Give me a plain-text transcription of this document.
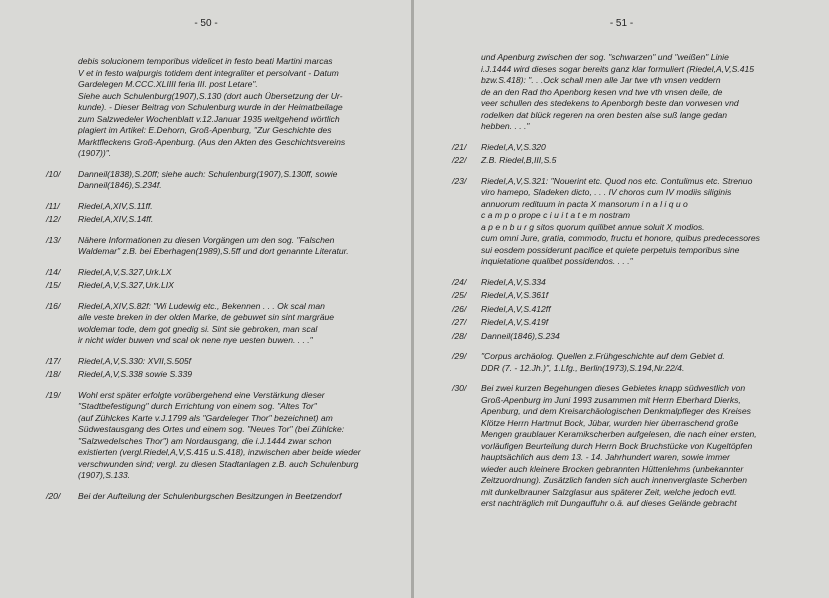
- 50 -
debis solucionem temporibus videlicet in festo beati Martini marcas
V et in festo walpurgis totidem dent integraliter et persolvant - Datum
Gardelegen M.CCC.XLIIII feria III. post Letare".
Siehe auch Schulenburg(1907),S.130 (dort auch Übersetzung der Ur-
kunde). - Dieser Beitrag von Schulenburg wurde in der Heimatbeilage
zum Salzwedeler Wochenblatt v.12.Januar 1935 weitgehend wörtlich
plagiert im Artikel: E.Dehorn, Groß-Apenburg, "Zur Geschichte des
Marktfleckens Groß-Apenburg. (Aus den Akten des Geschichtsvereins
(1907))".
/10/ Danneil(1838),S.20ff; siehe auch: Schulenburg(1907),S.130ff, sowie
Danneil(1846),S.234f.
/11/ Riedel,A,XIV,S.11ff.
/12/ Riedel,A,XIV,S.14ff.
/13/ Nähere Informationen zu diesen Vorgängen um den sog. "Falschen
Waldemar" z.B. bei Eberhagen(1989),S.5ff und dort genannte Literatur.
/14/ Riedel,A,V,S.327,Urk.LX
/15/ Riedel,A,V,S.327,Urk.LIX
/16/ Riedel,A,XIV,S.82f: "Wi Ludewig etc., Bekennen . . . Ok scal man
alle veste breken in der olden Marke, de gebuwet sin sint margräue
woldemar tode, dem got gnedig si. Sint sie gebroken, man scal
ir nicht wider buwen vnd scal ok nene nye uesten buwen. . . ."
/17/ Riedel,A,V,S.330: XVII,S.505f
/18/ Riedel,A,V,S.338 sowie S.339
/19/ Wohl erst später erfolgte vorübergehend eine Verstärkung dieser
"Stadtbefestigung" durch Errichtung von einem sog. "Altes Tor"
(auf Zühlckes Karte v.J.1799 als "Gardeleger Thor" bezeichnet) am
Südwestausgang des Ortes und einem sog. "Neues Tor" (bei Zühlcke:
"Salzwedelsches Thor") am Nordausgang, die i.J.1444 zwar schon
existierten (vergl.Riedel,A,V,S.415 u.S.418), inzwischen aber beide wieder
verschwunden sind; vergl. zu diesen Stadtanlagen z.B. auch Schulenburg
(1907),S.133.
/20/ Bei der Aufteilung der Schulenburgschen Besitzungen in Beetzendorf
- 51 -
und Apenburg zwischen der sog. "schwarzen" und "weißen" Linie
i.J.1444 wird dieses sogar bereits ganz klar formuliert (Riedel,A,V,S.415
bzw.S.418): ". . .Ock schall men alle Jar twe vth vnsen veddern
de an den Rad tho Apenborg kesen vnd twe vth vnsen deile, de
veer schullen des stedekens to Apenborgh beste dan vorwesen vnd
rodelken dat blück regeren na oren besten alse suß lange gedan
hebben. . . ."
/21/ Riedel,A,V,S.320
/22/ Z.B. Riedel,B,III,S.5
/23/ Riedel,A,V,S.321: "Nouerint etc. Quod nos etc. Contulimus etc. Strenuo
viro hamepo, Sladeken dicto, . . . IV choros cum IV modiis siliginis
annuorum redituum in pacta X mansorum i n a l i q u o
c a m p o prope c i u i t a t e m nostram
a p e n b u r g sitos quorum quilibet annue soluit X modios.
cum omni Jure, gratia, commodo, fructu et honore, quibus predecessores
sui eosdem possiderunt pacifice et quiete perpetuis temporibus sine
inquietatione qualibet possidendos. . . ."
/24/ Riedel,A,V,S.334
/25/ Riedel,A,V,S.361f
/26/ Riedel,A,V,S.412ff
/27/ Riedel,A,V,S.419f
/28/ Danneil(1846),S.234
/29/ "Corpus archäolog. Quellen z.Frühgeschichte auf dem Gebiet d.
DDR (7. - 12.Jh.)", 1.Lfg., Berlin(1973),S.194,Nr.22/4.
/30/ Bei zwei kurzen Begehungen dieses Gebietes knapp südwestlich von
Groß-Apenburg im Juni 1993 zusammen mit Herrn Eberhard Dierks,
Apenburg, und dem Kreisarchäologischen Denkmalpfleger des Kreises
Klötze Herrn Hartmut Bock, Jübar, wurden hier überraschend große
Mengen graublauer Keramikscherben aufgelesen, die nach einer ersten,
vorläufigen Beurteilung durch Herrn Bock Bruchstücke von Kugeltöpfen
hauptsächlich aus dem 13. - 14. Jahrhundert waren, sowie immer
wieder auch kleinere Brocken gebrannten Hüttenlehms (unbekannter
Zeitzuordnung). Zusätzlich fanden sich auch innenverglaste Scherben
mit dunkelbrauner Salzglasur aus späterer Zeit, welche jedoch evtl.
erst nachträglich mit Dungauffuhr o.ä. auf dieses Gelände gebracht
